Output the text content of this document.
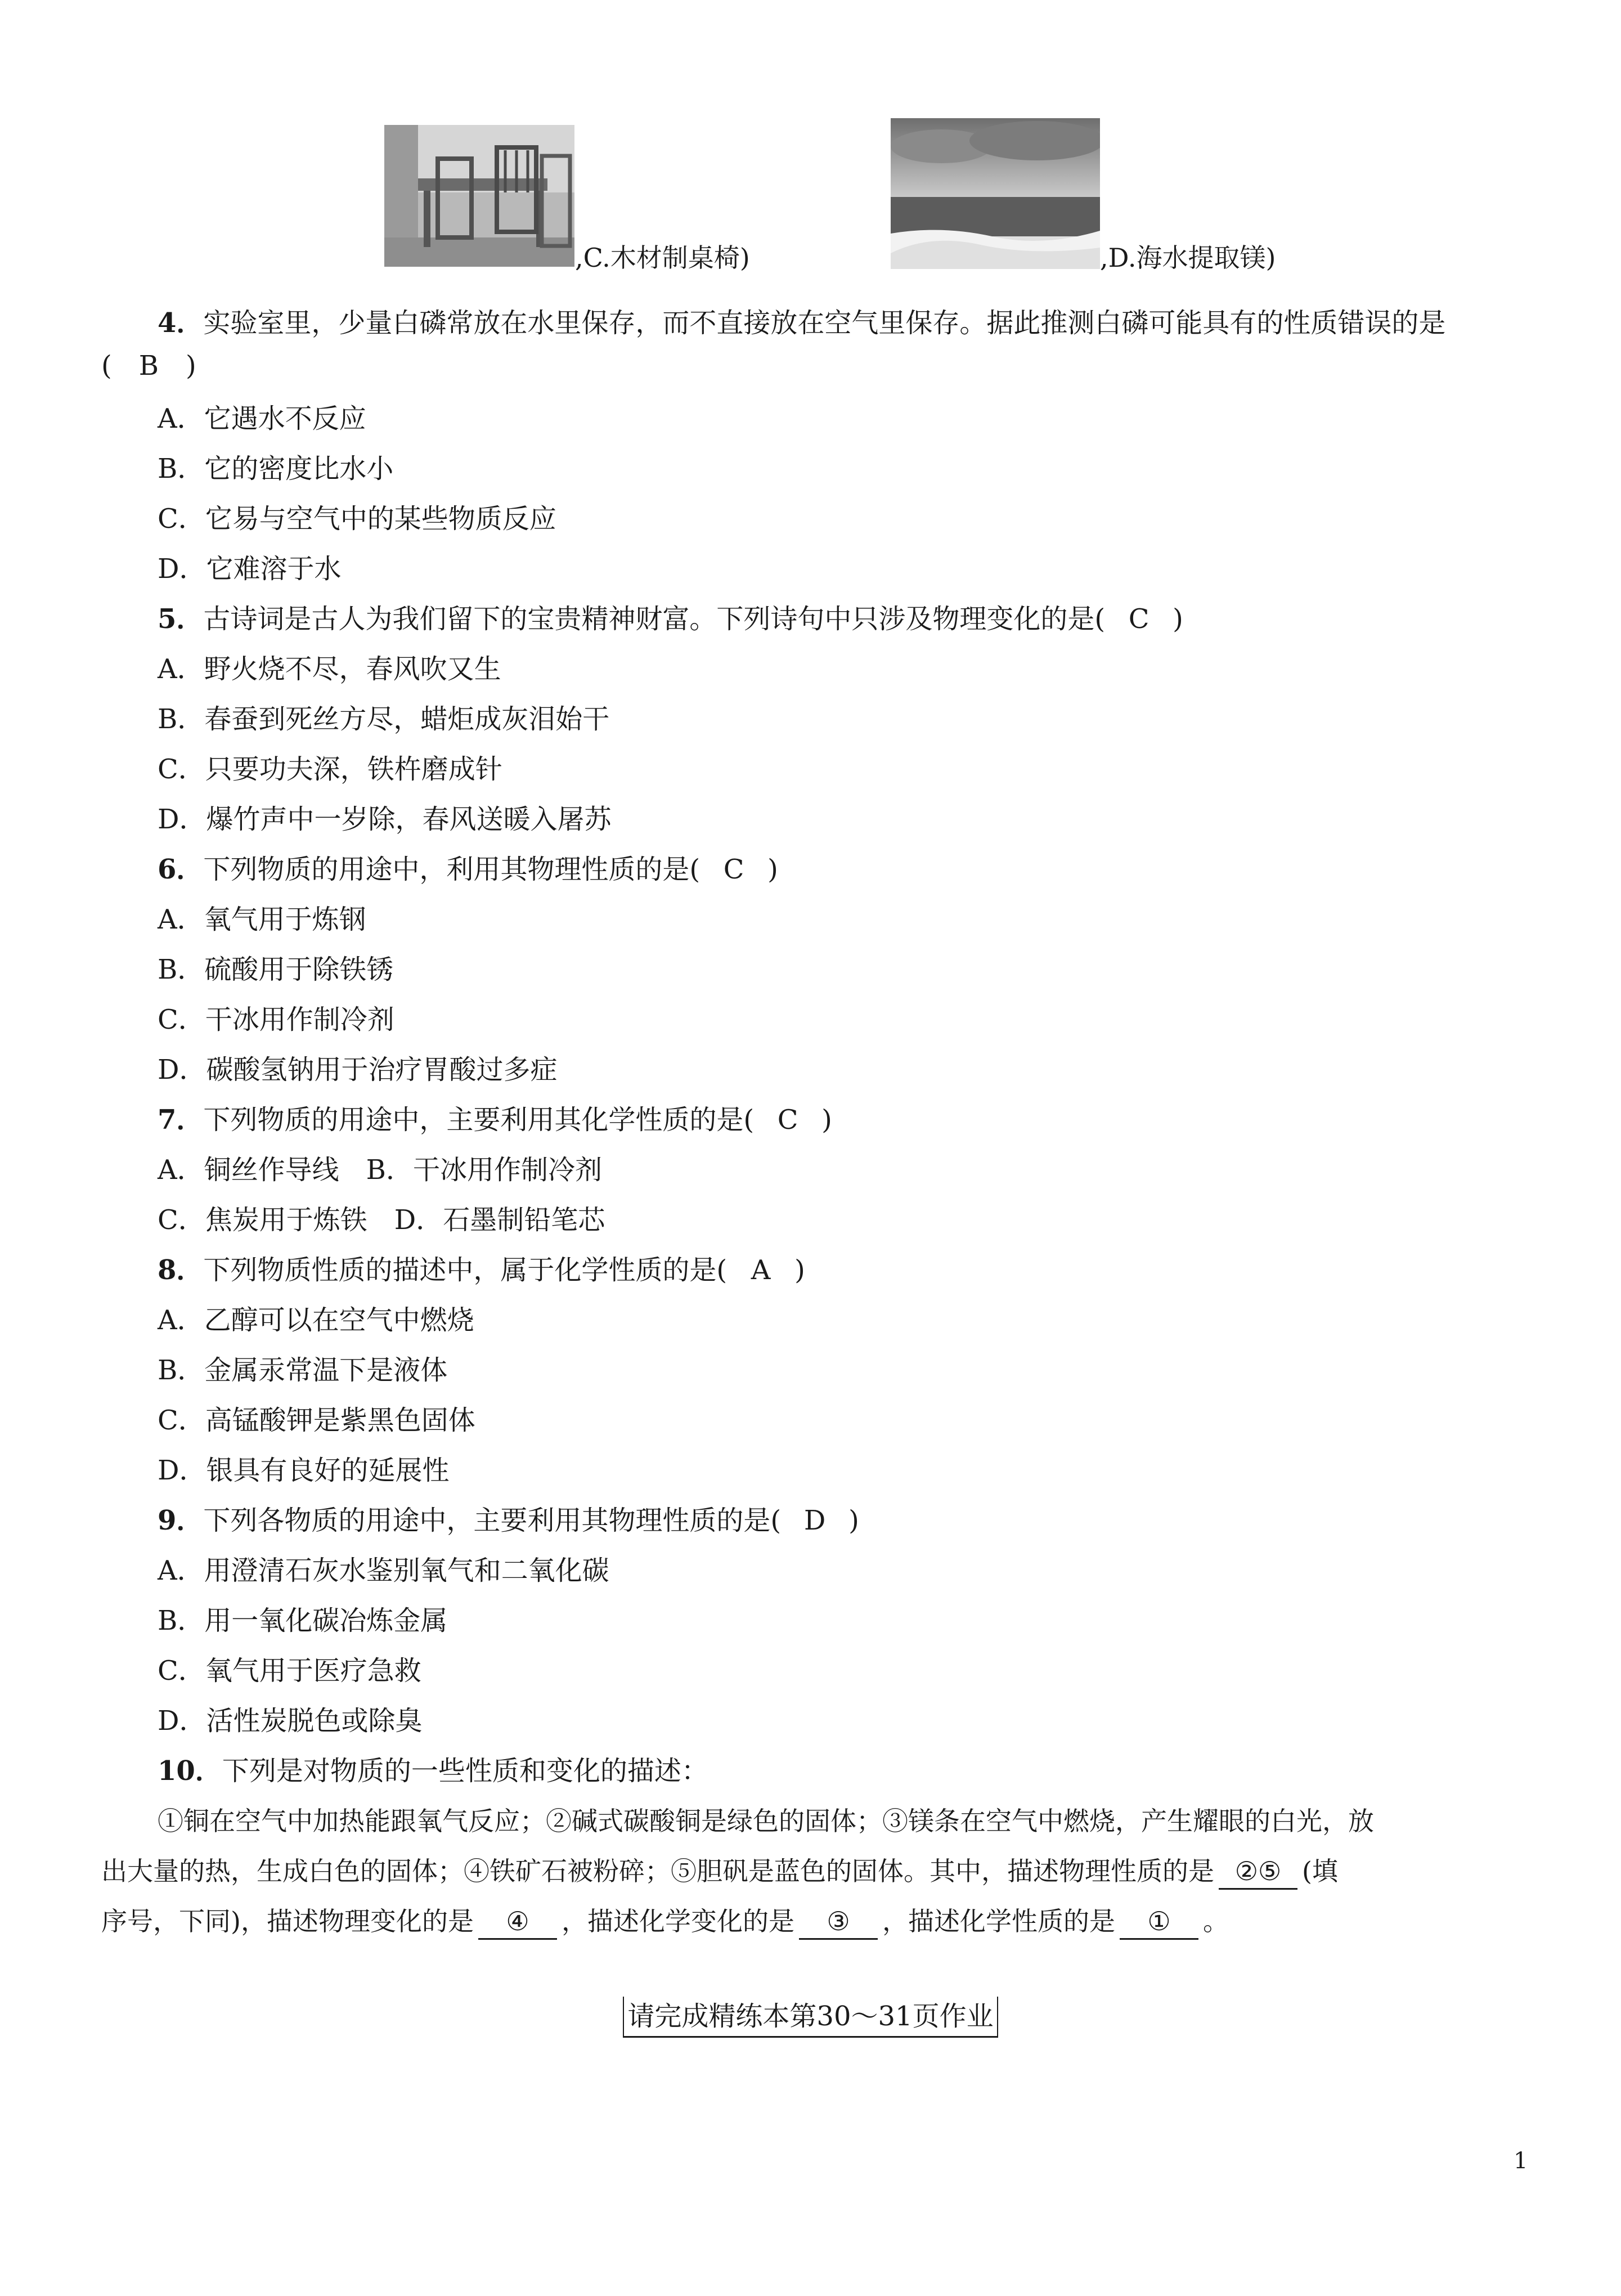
,C.木材制桌椅)	,D.海水提取镁)
4．实验室里，少量白磷常放在水里保存，而不直接放在空气里保存。据此推测白磷可能具有的性质错误的是
(　B　)
A．它遇水不反应
B．它的密度比水小
C．它易与空气中的某些物质反应
D．它难溶于水
5．古诗词是古人为我们留下的宝贵精神财富。下列诗句中只涉及物理变化的是( C )
A．野火烧不尽，春风吹又生
B．春蚕到死丝方尽，蜡炬成灰泪始干
C．只要功夫深，铁杵磨成针
D．爆竹声中一岁除，春风送暖入屠苏
6．下列物质的用途中，利用其物理性质的是( C )
A．氧气用于炼钢
B．硫酸用于除铁锈
C．干冰用作制冷剂
D．碳酸氢钠用于治疗胃酸过多症
7．下列物质的用途中，主要利用其化学性质的是( C )
A．铜丝作导线　B．干冰用作制冷剂
C．焦炭用于炼铁　D．石墨制铅笔芯
8．下列物质性质的描述中，属于化学性质的是( A )
A．乙醇可以在空气中燃烧
B．金属汞常温下是液体
C．高锰酸钾是紫黑色固体
D．银具有良好的延展性
9．下列各物质的用途中，主要利用其物理性质的是( D )
A．用澄清石灰水鉴别氧气和二氧化碳
B．用一氧化碳冶炼金属
C．氧气用于医疗急救
D．活性炭脱色或除臭
10．下列是对物质的一些性质和变化的描述：
①铜在空气中加热能跟氧气反应；②碱式碳酸铜是绿色的固体；③镁条在空气中燃烧，产生耀眼的白光，放
出大量的热，生成白色的固体；④铁矿石被粉碎；⑤胆矾是蓝色的固体。其中，描述物理性质的是 ②⑤ (填
序号，下同)，描述物理变化的是 ④ ，描述化学变化的是 ③ ，描述化学性质的是 ① 。
请完成精练本第30～31页作业
1
